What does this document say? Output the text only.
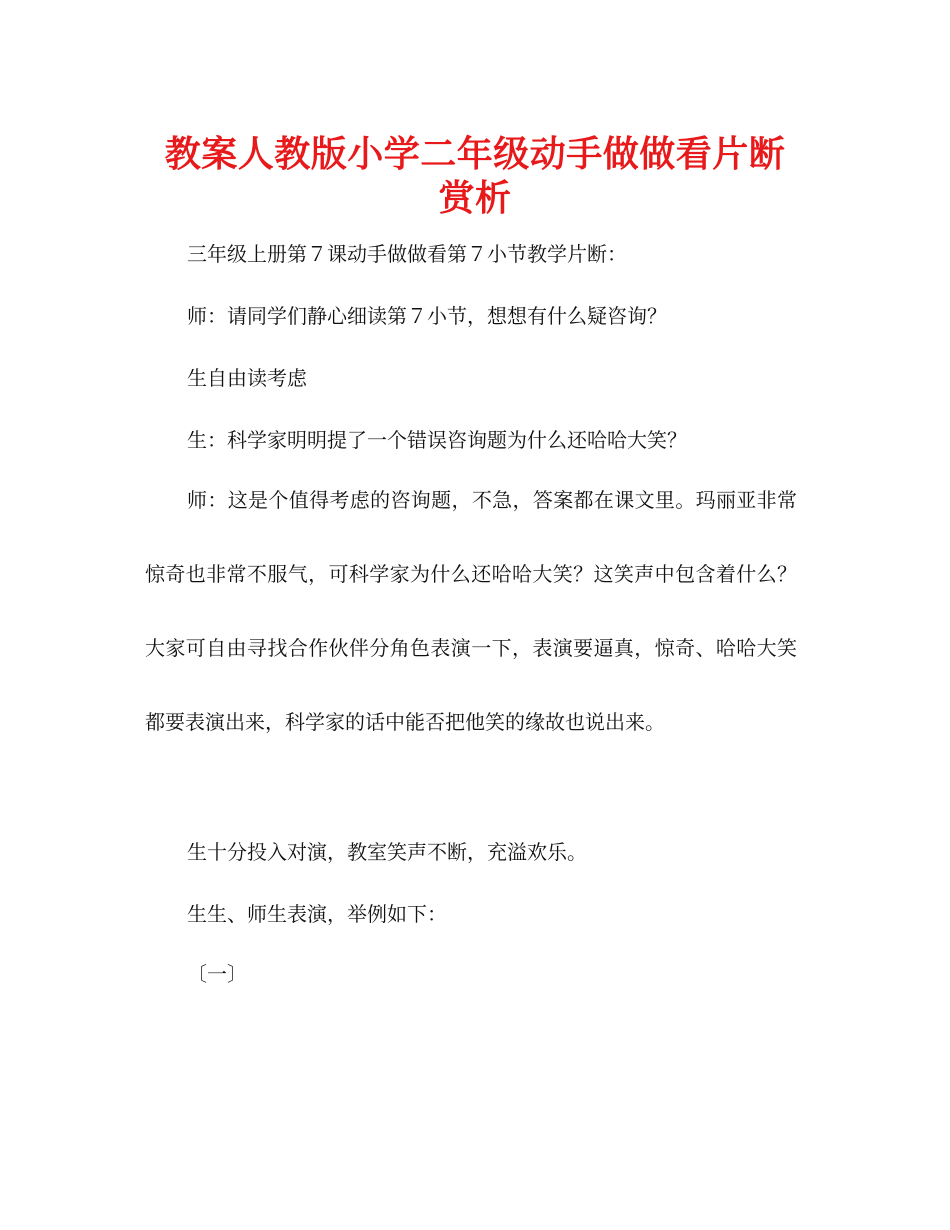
教案人教版小学二年级动手做做看片断赏析
三年级上册第７课动手做做看第７小节教学片断：
师：请同学们静心细读第７小节，想想有什么疑咨询？
生自由读考虑
生：科学家明明提了一个错误咨询题为什么还哈哈大笑？
师：这是个值得考虑的咨询题，不急，答案都在课文里。玛丽亚非常惊奇也非常不服气，可科学家为什么还哈哈大笑？这笑声中包含着什么？大家可自由寻找合作伙伴分角色表演一下，表演要逼真，惊奇、哈哈大笑都要表演出来，科学家的话中能否把他笑的缘故也说出来。
生十分投入对演，教室笑声不断，充溢欢乐。
生生、师生表演，举例如下：
〔一〕
